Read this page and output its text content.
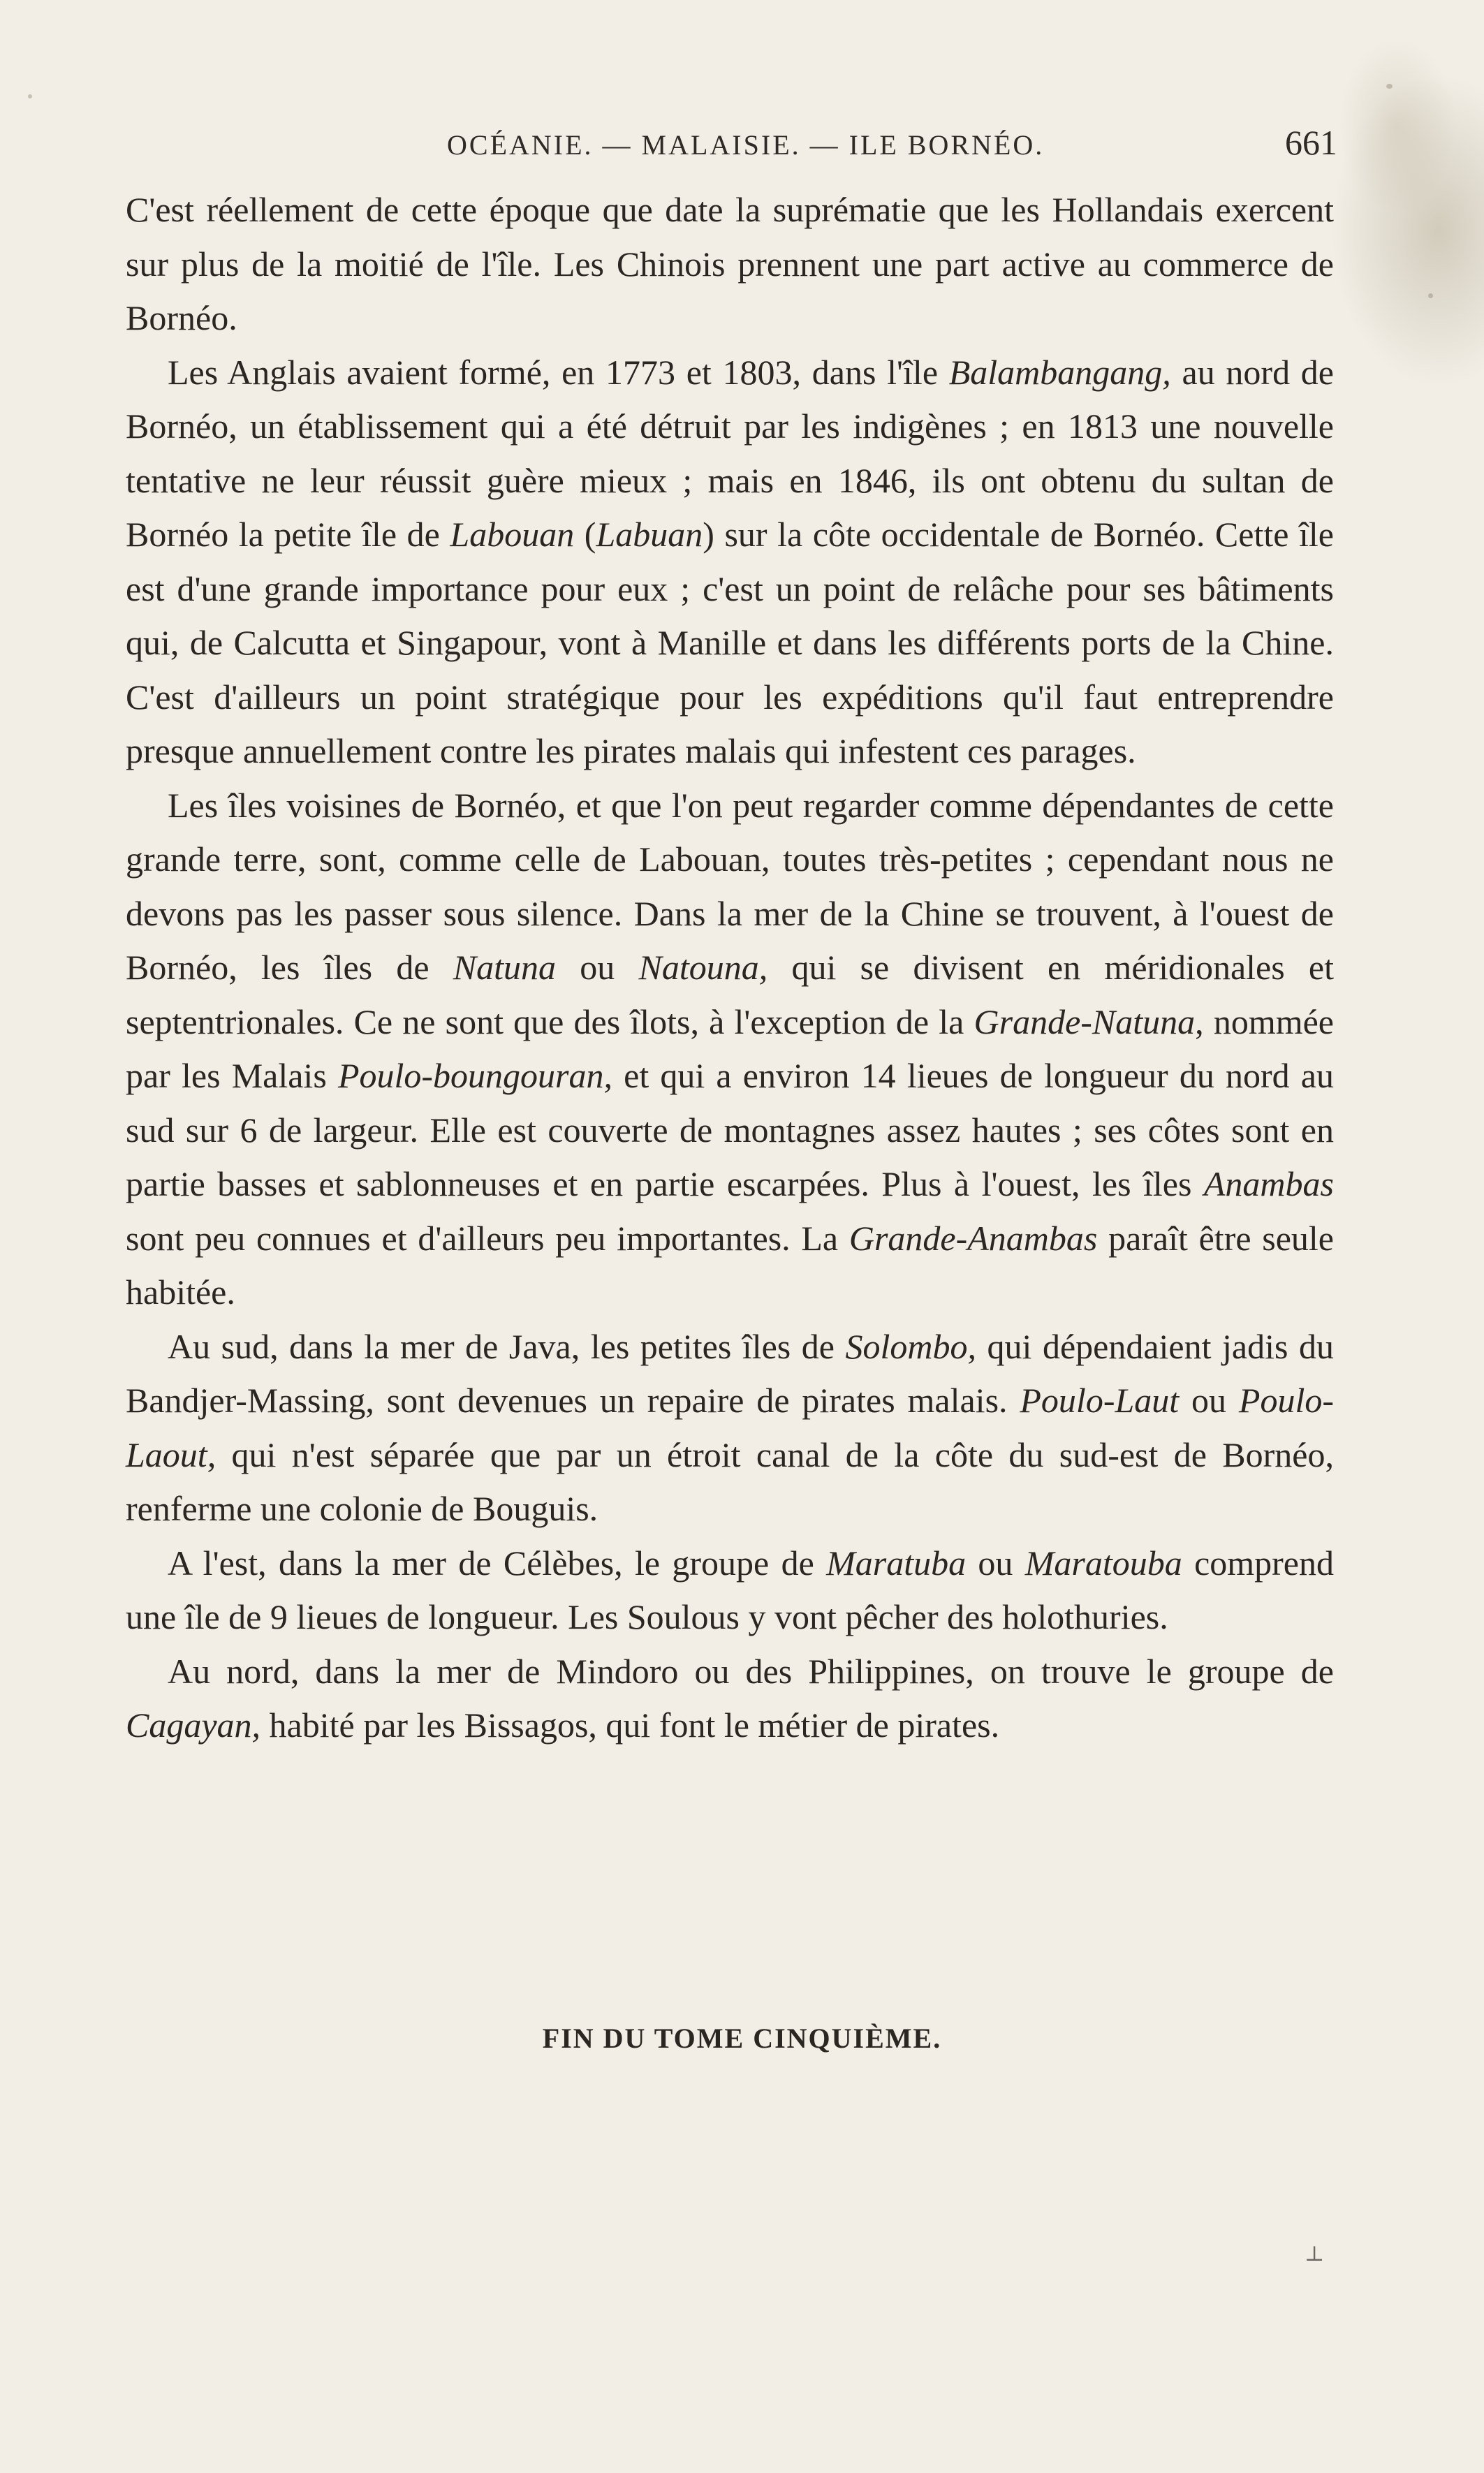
OCÉANIE. — MALAISIE. — ILE BORNÉO.	661

C'est réellement de cette époque que date la suprématie que les Hollandais exercent sur plus de la moitié de l'île. Les Chinois prennent une part active au commerce de Bornéo.

Les Anglais avaient formé, en 1773 et 1803, dans l'île Balambangang, au nord de Bornéo, un établissement qui a été détruit par les indigènes ; en 1813 une nouvelle tentative ne leur réussit guère mieux ; mais en 1846, ils ont obtenu du sultan de Bornéo la petite île de Labouan (Labuan) sur la côte occidentale de Bornéo. Cette île est d'une grande importance pour eux ; c'est un point de relâche pour ses bâtiments qui, de Calcutta et Singapour, vont à Manille et dans les différents ports de la Chine. C'est d'ailleurs un point stratégique pour les expéditions qu'il faut entreprendre presque annuellement contre les pirates malais qui infestent ces parages.

Les îles voisines de Bornéo, et que l'on peut regarder comme dépendantes de cette grande terre, sont, comme celle de Labouan, toutes très-petites ; cependant nous ne devons pas les passer sous silence. Dans la mer de la Chine se trouvent, à l'ouest de Bornéo, les îles de Natuna ou Natouna, qui se divisent en méridionales et septentrionales. Ce ne sont que des îlots, à l'exception de la Grande-Natuna, nommée par les Malais Poulo-boungouran, et qui a environ 14 lieues de longueur du nord au sud sur 6 de largeur. Elle est couverte de montagnes assez hautes ; ses côtes sont en partie basses et sablonneuses et en partie escarpées. Plus à l'ouest, les îles Anambas sont peu connues et d'ailleurs peu importantes. La Grande-Anambas paraît être seule habitée.

Au sud, dans la mer de Java, les petites îles de Solombo, qui dépendaient jadis du Bandjer-Massing, sont devenues un repaire de pirates malais. Poulo-Laut ou Poulo-Laout, qui n'est séparée que par un étroit canal de la côte du sud-est de Bornéo, renferme une colonie de Bouguis.

A l'est, dans la mer de Célèbes, le groupe de Maratuba ou Maratouba comprend une île de 9 lieues de longueur. Les Soulous y vont pêcher des holothuries.

Au nord, dans la mer de Mindoro ou des Philippines, on trouve le groupe de Cagayan, habité par les Bissagos, qui font le métier de pirates.

FIN DU TOME CINQUIÈME.
⊥
